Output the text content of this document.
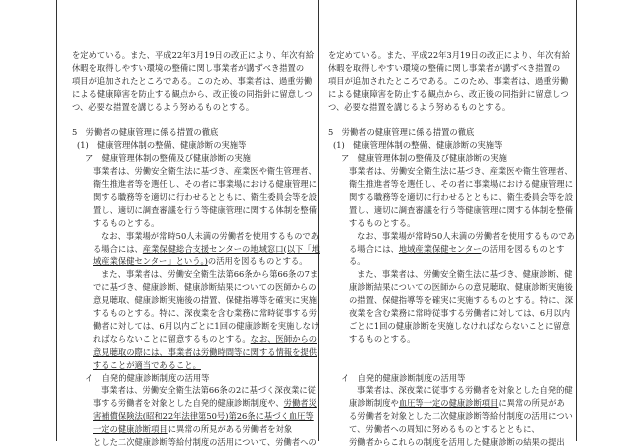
を定めている。また、平成22年3月19日の改正により、年次有給
休暇を取得しやすい環境の整備に関し事業者が講ずべき措置の
項目が追加されたところである。このため、事業者は、過重労働
による健康障害を防止する観点から、改正後の同指針に留意しつ
つ、必要な措置を講じるよう努めるものとする。
5　労働者の健康管理に係る措置の徹底
(1)　健康管理体制の整備、健康診断の実施等
ア　健康管理体制の整備及び健康診断の実施
事業者は、労働安全衛生法に基づき、産業医や衛生管理者、
衛生推進者等を選任し、その者に事業場における健康管理に
関する職務等を適切に行わせるとともに、衛生委員会等を設
置し、適切に調査審議を行う等健康管理に関する体制を整備
するものとする。
なお、事業場が常時50人未満の労働者を使用するものであ
る場合には、産業保健総合支援センターの地域窓口(以下「地
域産業保健センター」という。)の活用を図るものとする。
また、事業者は、労働安全衛生法第66条から第66条の7ま
でに基づき、健康診断、健康診断結果についての医師からの
意見聴取、健康診断実施後の措置、保健指導等を確実に実施
するものとする。特に、深夜業を含む業務に常時従事する労
働者に対しては、6月以内ごとに1回の健康診断を実施しなけ
ればならないことに留意するものとする。なお、医師からの
意見聴取の際には、事業者は労働時間等に関する情報を提供
することが適当であること。
イ　自発的健康診断制度の活用等
事業者は、労働安全衛生法第66条の2に基づく深夜業に従
事する労働者を対象とした自発的健康診断制度や、労働者災
害補償保険法(昭和22年法律第50号)第26条に基づく血圧等
一定の健康診断項目に異常の所見がある労働者を対象
とした二次健康診断等給付制度の活用について、労働者への
を定めている。また、平成22年3月19日の改正により、年次有給
休暇を取得しやすい環境の整備に関し事業者が講ずべき措置の
項目が追加されたところである。このため、事業者は、過重労働
による健康障害を防止する観点から、改正後の同指針に留意しつ
つ、必要な措置を講じるよう努めるものとする。
5　労働者の健康管理に係る措置の徹底
(1)　健康管理体制の整備、健康診断の実施等
ア　健康管理体制の整備及び健康診断の実施
事業者は、労働安全衛生法に基づき、産業医や衛生管理者、
衛生推進者等を選任し、その者に事業場における健康管理に
関する職務等を適切に行わせるとともに、衛生委員会等を設
置し、適切に調査審議を行う等健康管理に関する体制を整備
するものとする。
なお、事業場が常時50人未満の労働者を使用するものであ
る場合には、地域産業保健センターの活用を図るものとす
る。
また、事業者は、労働安全衛生法に基づき、健康診断、健
康診断結果についての医師からの意見聴取、健康診断実施後
の措置、保健指導等を確実に実施するものとする。特に、深
夜業を含む業務に常時従事する労働者に対しては、6月以内
ごとに1回の健康診断を実施しなければならないことに留意
するものとする。
イ　自発的健康診断制度の活用等
事業者は、深夜業に従事する労働者を対象とした自発的健
康診断制度や血圧等一定の健康診断項目に異常の所見があ
る労働者を対象とした二次健康診断等給付制度の活用につい
て、労働者への周知に努めるものとするとともに、
労働者からこれらの制度を活用した健康診断の結果の提出
